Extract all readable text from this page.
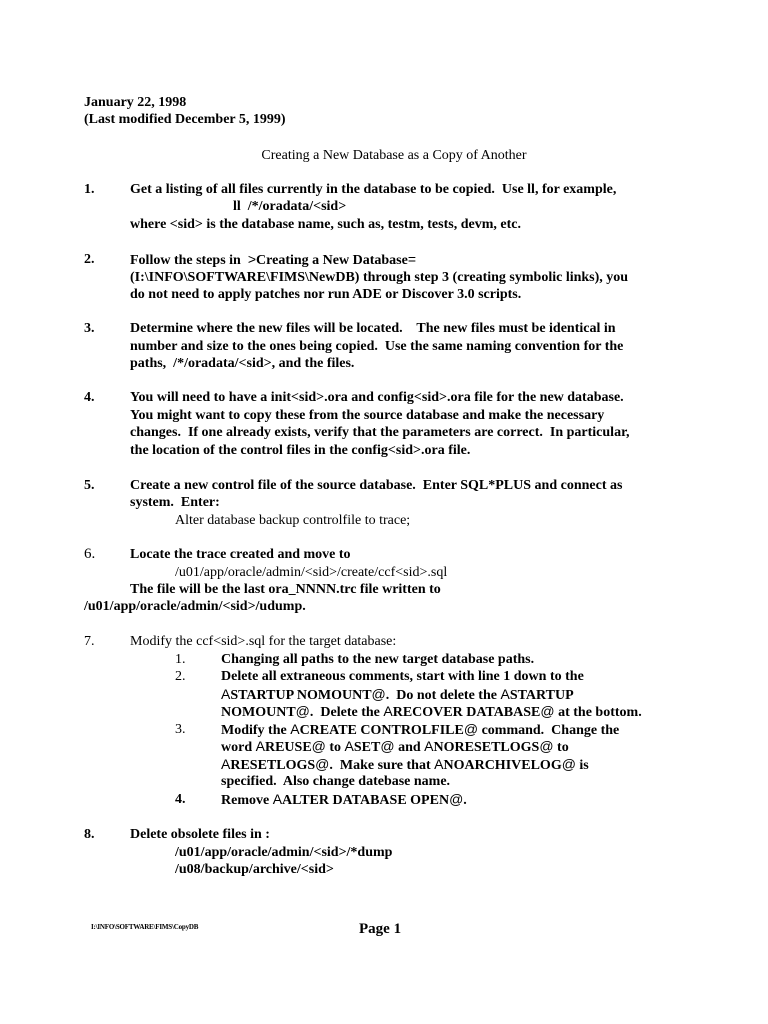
January 22, 1998
(Last modified December 5, 1999)
Creating a New Database as a Copy of Another
1.	Get a listing of all files currently in the database to be copied.  Use ll, for example,
ll  /*/oradata/<sid>
where <sid> is the database name, such as, testm, tests, devm, etc.
2.	Follow the steps in  >Creating a New Database=
(I:\INFO\SOFTWARE\FIMS\NewDB) through step 3 (creating symbolic links), you
do not need to apply patches nor run ADE or Discover 3.0 scripts.
3.	Determine where the new files will be located.    The new files must be identical in
number and size to the ones being copied.  Use the same naming convention for the
paths,  /*/oradata/<sid>, and the files.
4.	You will need to have a init<sid>.ora and config<sid>.ora file for the new database.
You might want to copy these from the source database and make the necessary
changes.  If one already exists, verify that the parameters are correct.  In particular,
the location of the control files in the config<sid>.ora file.
5.	Create a new control file of the source database.  Enter SQL*PLUS and connect as
system.  Enter:
Alter database backup controlfile to trace;
6. Locate the trace created and move to
/u01/app/oracle/admin/<sid>/create/ccf<sid>.sql
The file will be the last ora_NNNN.trc file written to
/u01/app/oracle/admin/<sid>/udump.
7.	Modify the ccf<sid>.sql for the target database:
1.	Changing all paths to the new target database paths.
2.	Delete all extraneous comments, start with line 1 down to the
ASTARTUP NOMOUNT@.  Do not delete the ASTARTUP
NOMOUNT@.  Delete the ARECOVER DATABASE@ at the bottom.
3.	Modify the ACREATE CONTROLFILE@ command.  Change the
word AREUSE@ to ASET@ and ANORESETLOGS@ to
ARESETLOGS@.  Make sure that ANOARCHIVELOG@ is
specified.  Also change datebase name.
4.	Remove AALTER DATABASE OPEN@.
8.	Delete obsolete files in :
/u01/app/oracle/admin/<sid>/*dump
/u08/backup/archive/<sid>
I:\INFO\SOFTWARE\FIMS\CopyDB	Page 1
